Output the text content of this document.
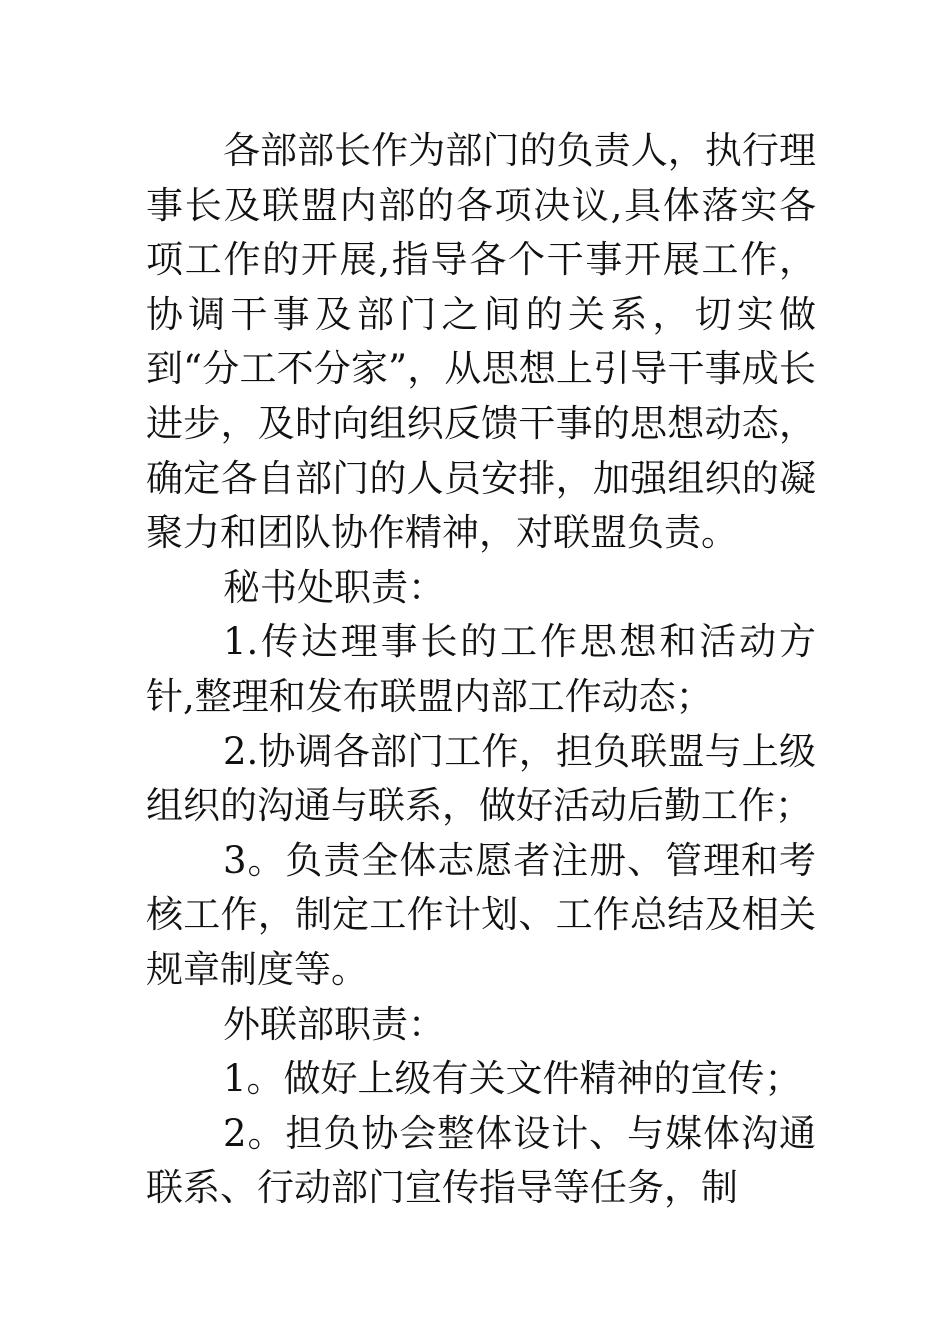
各部部长作为部门的负责人，执行理事长及联盟内部的各项决议,具体落实各项工作的开展,指导各个干事开展工作，协调干事及部门之间的关系，切实做到“分工不分家”，从思想上引导干事成长进步，及时向组织反馈干事的思想动态，确定各自部门的人员安排，加强组织的凝聚力和团队协作精神，对联盟负责。

秘书处职责：

1.传达理事长的工作思想和活动方针,整理和发布联盟内部工作动态；

2.协调各部门工作，担负联盟与上级组织的沟通与联系，做好活动后勤工作；

3。负责全体志愿者注册、管理和考核工作，制定工作计划、工作总结及相关规章制度等。

外联部职责：

1。做好上级有关文件精神的宣传；

2。担负协会整体设计、与媒体沟通联系、行动部门宣传指导等任务，制
